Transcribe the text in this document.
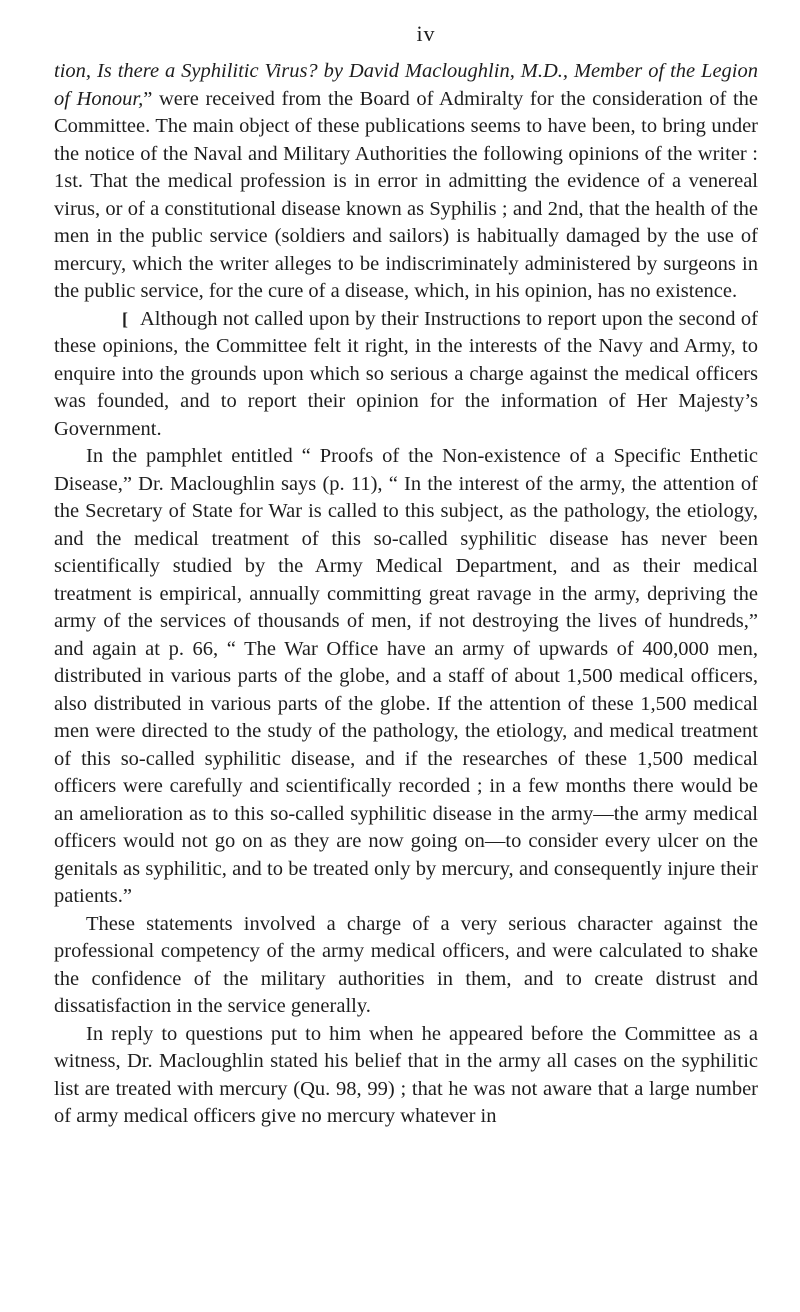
iv

tion, Is there a Syphilitic Virus? by David Macloughlin, M.D., Member of the Legion of Honour,” were received from the Board of Admiralty for the consideration of the Committee. The main object of these publications seems to have been, to bring under the notice of the Naval and Military Authorities the following opinions of the writer : 1st. That the medical profession is in error in admitting the evidence of a venereal virus, or of a constitutional disease known as Syphilis ; and 2nd, that the health of the men in the public service (soldiers and sailors) is habitually damaged by the use of mercury, which the writer alleges to be indiscriminately administered by surgeons in the public service, for the cure of a disease, which, in his opinion, has no existence.

[ Although not called upon by their Instructions to report upon the second of these opinions, the Committee felt it right, in the interests of the Navy and Army, to enquire into the grounds upon which so serious a charge against the medical officers was founded, and to report their opinion for the information of Her Majesty’s Government.

In the pamphlet entitled “ Proofs of the Non-existence of a Specific Enthetic Disease,” Dr. Macloughlin says (p. 11), “ In the interest of the army, the attention of the Secretary of State for War is called to this subject, as the pathology, the etiology, and the medical treatment of this so-called syphilitic disease has never been scientifically studied by the Army Medical Department, and as their medical treatment is empirical, annually committing great ravage in the army, depriving the army of the services of thousands of men, if not destroying the lives of hundreds,” and again at p. 66, “ The War Office have an army of upwards of 400,000 men, distributed in various parts of the globe, and a staff of about 1,500 medical officers, also distributed in various parts of the globe. If the attention of these 1,500 medical men were directed to the study of the pathology, the etiology, and medical treatment of this so-called syphilitic disease, and if the researches of these 1,500 medical officers were carefully and scientifically recorded ; in a few months there would be an amelioration as to this so-called syphilitic disease in the army—the army medical officers would not go on as they are now going on—to consider every ulcer on the genitals as syphilitic, and to be treated only by mercury, and consequently injure their patients.”

These statements involved a charge of a very serious character against the professional competency of the army medical officers, and were calculated to shake the confidence of the military authorities in them, and to create distrust and dissatisfaction in the service generally.

In reply to questions put to him when he appeared before the Committee as a witness, Dr. Macloughlin stated his belief that in the army all cases on the syphilitic list are treated with mercury (Qu. 98, 99) ; that he was not aware that a large number of army medical officers give no mercury whatever in
